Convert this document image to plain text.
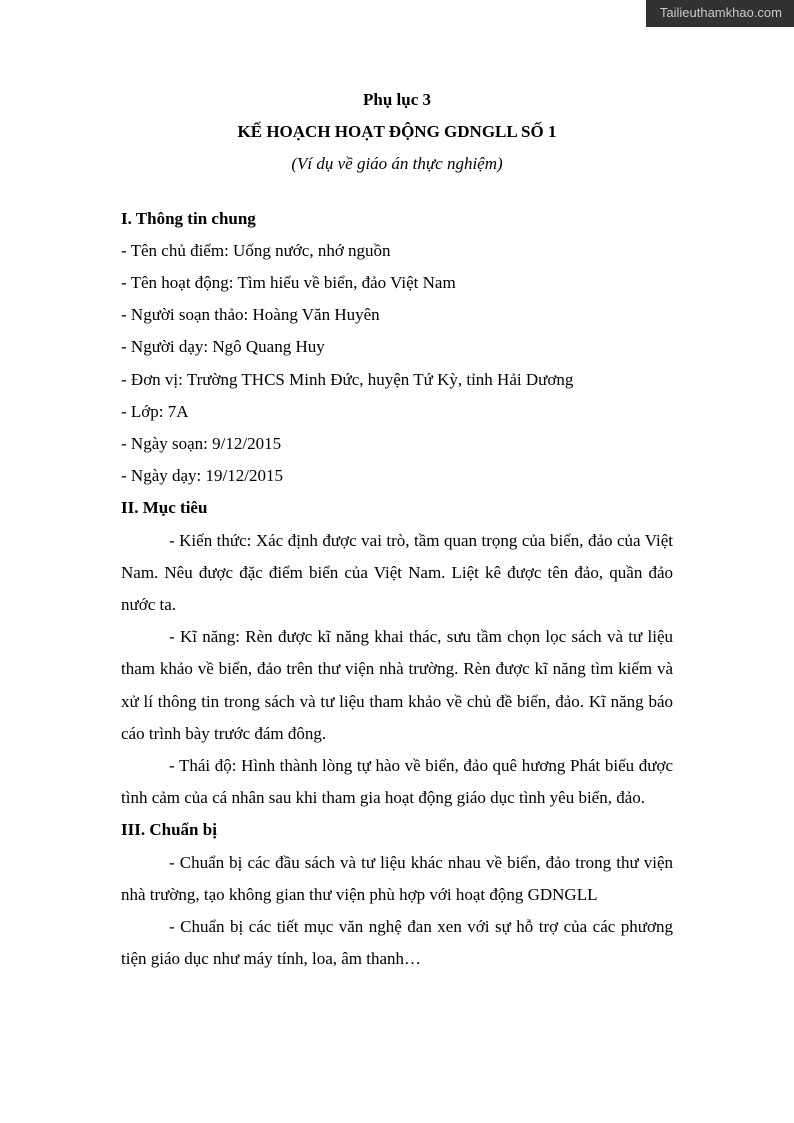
Tailieuthamkhao.com

Phụ lục 3

KẾ HOẠCH HOẠT ĐỘNG GDNGLL SỐ 1

(Ví dụ về giáo án thực nghiệm)

I. Thông tin chung

- Tên chủ điểm: Uống nước, nhớ nguồn

- Tên hoạt động: Tìm hiểu về biển, đảo Việt Nam

- Người soạn thảo: Hoàng Văn Huyên

- Người dạy: Ngô Quang Huy

- Đơn vị: Trường THCS Minh Đức, huyện Tứ Kỳ, tỉnh Hải Dương

- Lớp: 7A

- Ngày soạn: 9/12/2015

- Ngày dạy: 19/12/2015

II. Mục tiêu

- Kiến thức: Xác định được vai trò, tầm quan trọng của biển, đảo của Việt Nam. Nêu được đặc điểm biển của Việt Nam. Liệt kê được tên đảo, quần đảo nước ta.

- Kĩ năng: Rèn được kĩ năng khai thác, sưu tầm chọn lọc sách và tư liệu tham khảo về biển, đảo trên thư viện nhà trường. Rèn được kĩ năng tìm kiếm và xử lí thông tin trong sách và tư liệu tham khảo về chủ đề biển, đảo. Kĩ năng báo cáo trình bày trước đám đông.

- Thái độ: Hình thành lòng tự hào về biển, đảo quê hương Phát biểu được tình cảm của cá nhân sau khi tham gia hoạt động giáo dục tình yêu biển, đảo.

III. Chuẩn bị

- Chuẩn bị các đầu sách và tư liệu khác nhau về biển, đảo trong thư viện nhà trường, tạo không gian thư viện phù hợp với hoạt động GDNGLL

- Chuẩn bị các tiết mục văn nghệ đan xen với sự hỗ trợ của các phương tiện giáo dục như máy tính, loa, âm thanh…
